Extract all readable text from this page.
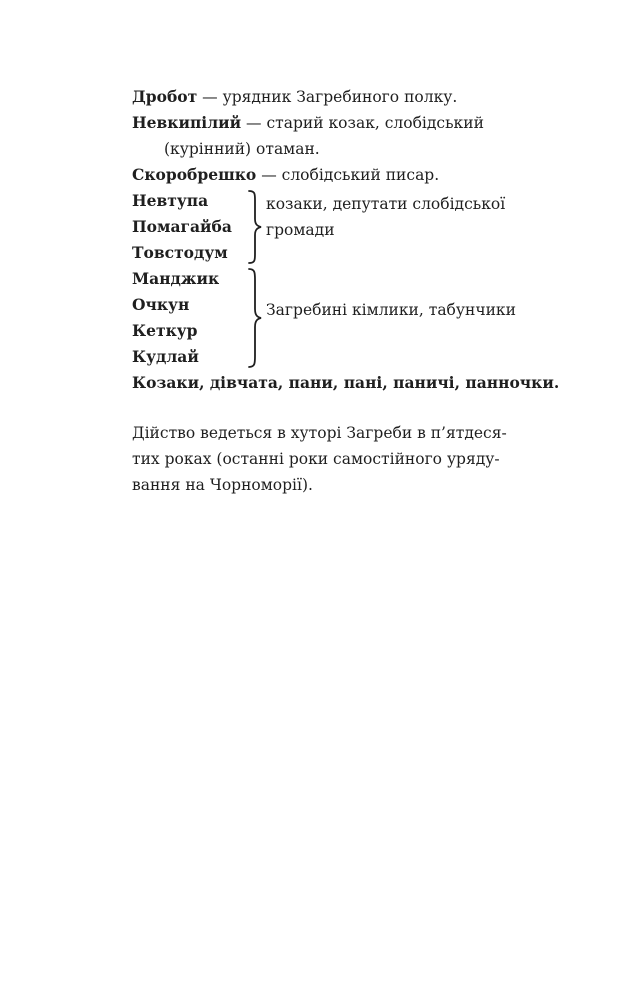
Дробот — урядник Загребиного полку.

Невкипілий — старий козак, слобідський
(курінний) отаман.

Скоробрешко — слобідський писар.

Невтупа
Помагайба
Товстодум
козаки, депутати слобідської громади
Манджик
Очкун
Кеткур
Кудлай
Загребині кімлики, табунчики

Козаки, дівчата, пани, пані, паничі, панночки.

Дійство ведеться в хуторі Загреби в п’ятдеся-
тих роках (останні роки самостійного уряду-
вання на Чорноморії).
